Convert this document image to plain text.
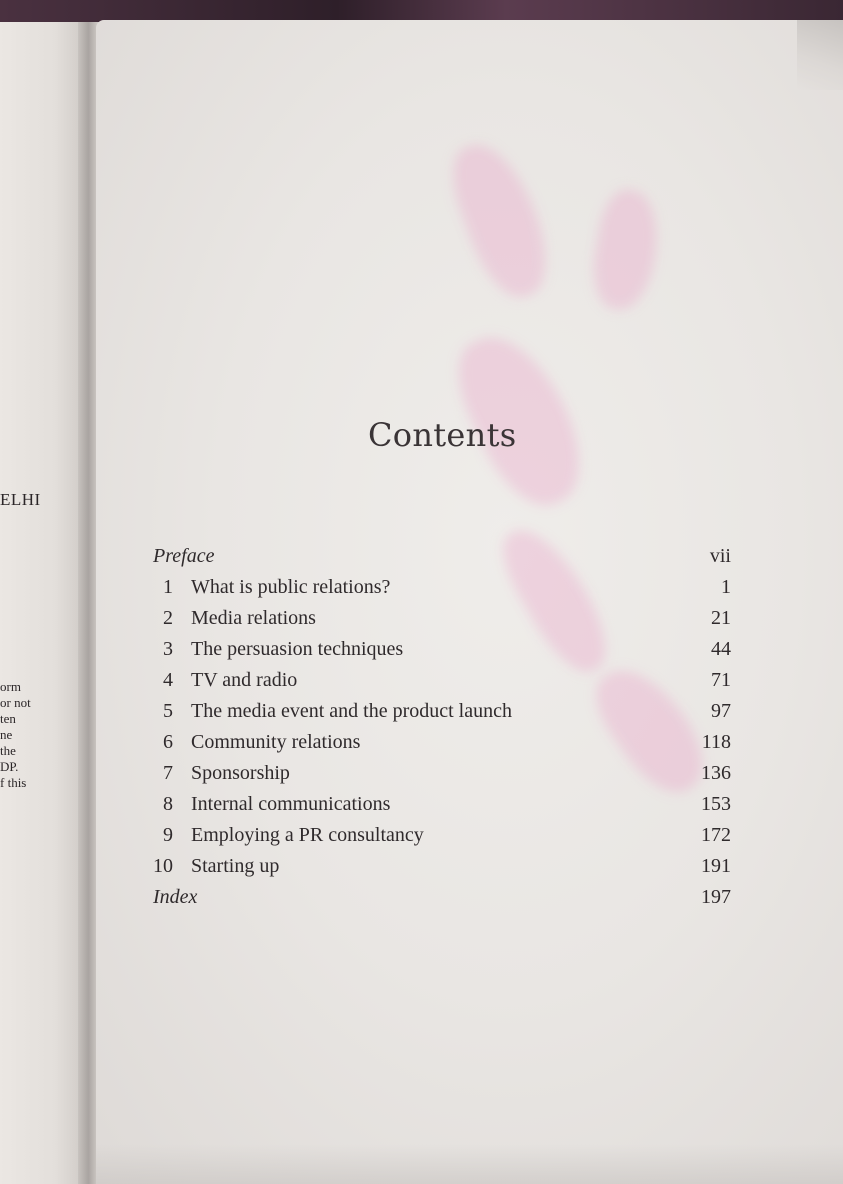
ELHI
orm
or not
ten
ne
the
DP.
f this
Contents
Preface	vii
1 What is public relations?	1
2 Media relations	21
3 The persuasion techniques	44
4 TV and radio	71
5 The media event and the product launch	97
6 Community relations	118
7 Sponsorship	136
8 Internal communications	153
9 Employing a PR consultancy	172
10 Starting up	191
Index	197
